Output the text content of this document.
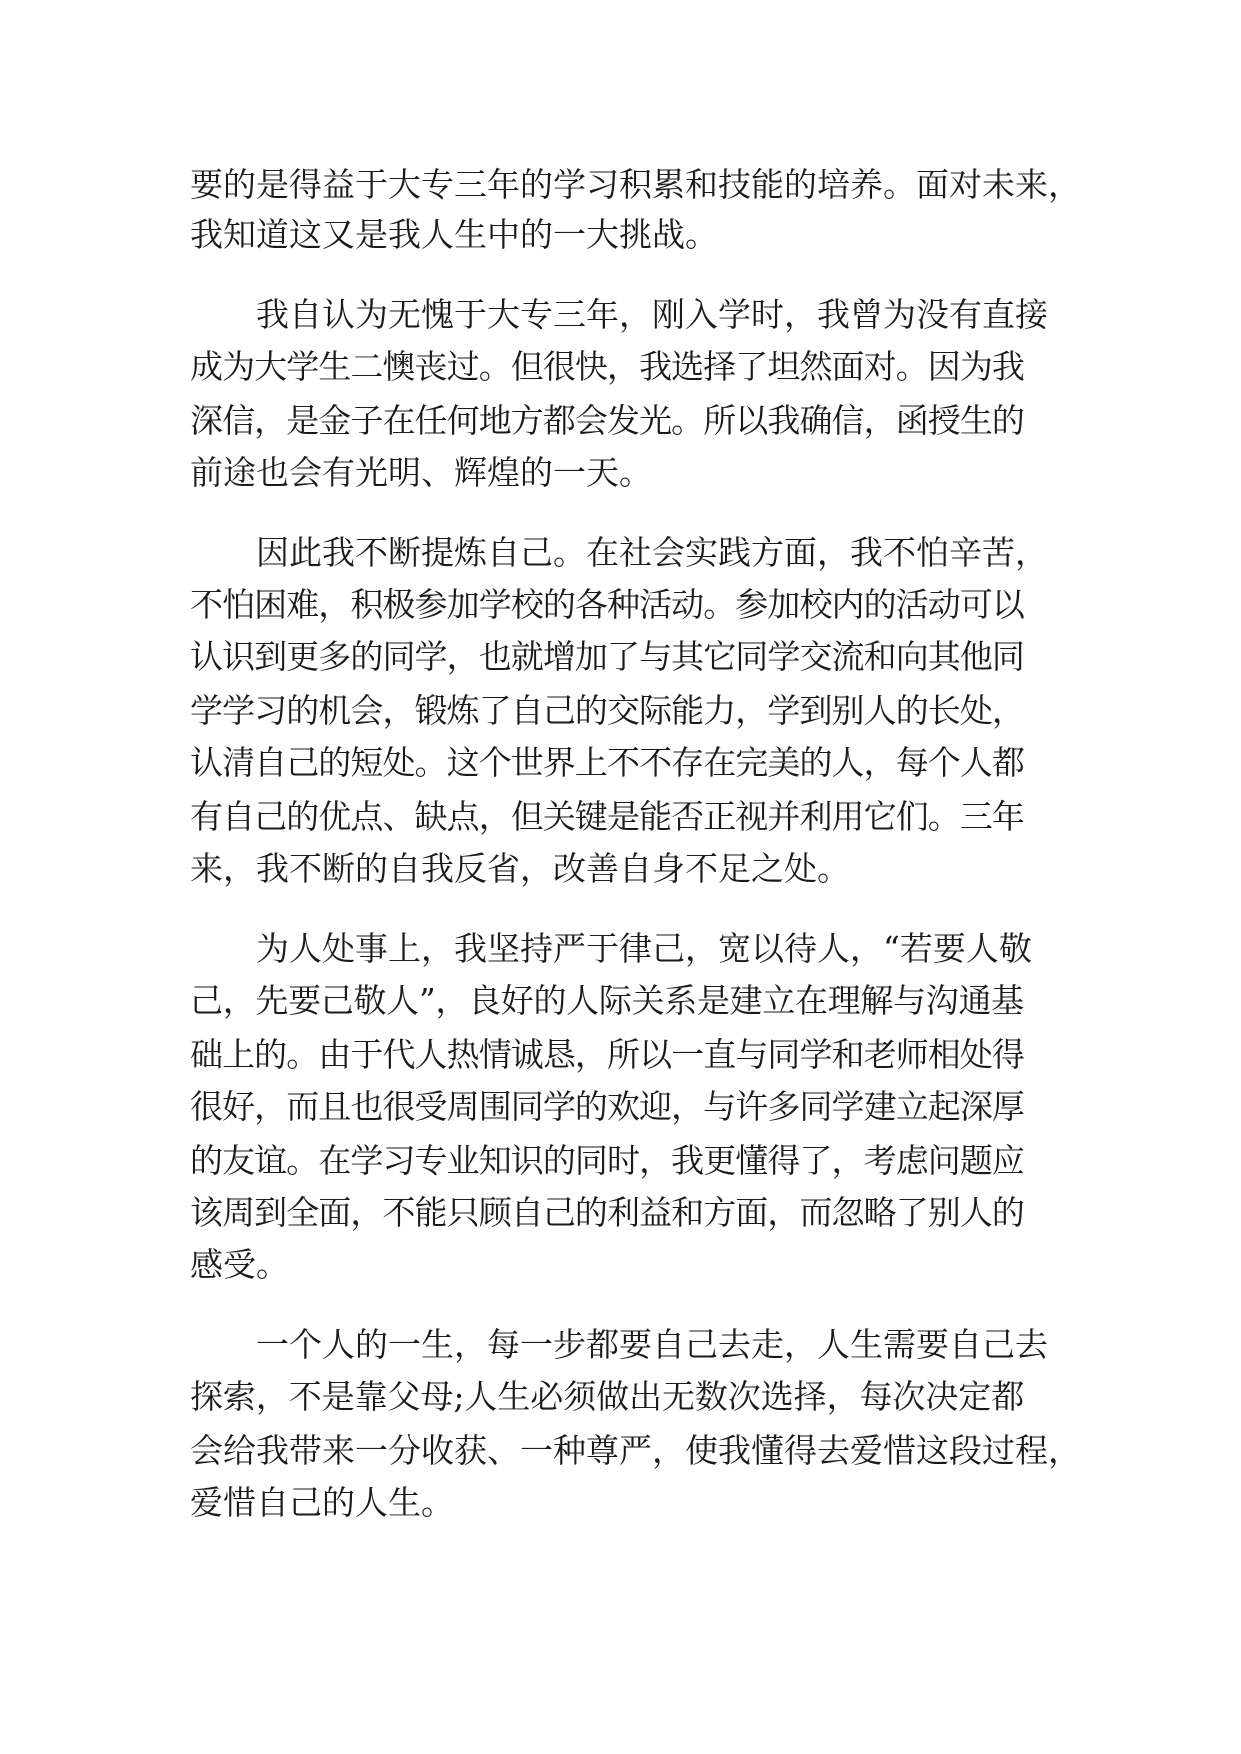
要的是得益于大专三年的学习积累和技能的培养。面对未来，
我知道这又是我人生中的一大挑战。
我自认为无愧于大专三年，刚入学时，我曾为没有直接
成为大学生二懊丧过。但很快，我选择了坦然面对。因为我
深信，是金子在任何地方都会发光。所以我确信，函授生的
前途也会有光明、辉煌的一天。
因此我不断提炼自己。在社会实践方面，我不怕辛苦，
不怕困难，积极参加学校的各种活动。参加校内的活动可以
认识到更多的同学，也就增加了与其它同学交流和向其他同
学学习的机会，锻炼了自己的交际能力，学到别人的长处，
认清自己的短处。这个世界上不不存在完美的人，每个人都
有自己的优点、缺点，但关键是能否正视并利用它们。三年
来，我不断的自我反省，改善自身不足之处。
为人处事上，我坚持严于律己，宽以待人，“若要人敬
己，先要己敬人”，良好的人际关系是建立在理解与沟通基
础上的。由于代人热情诚恳，所以一直与同学和老师相处得
很好，而且也很受周围同学的欢迎，与许多同学建立起深厚
的友谊。在学习专业知识的同时，我更懂得了，考虑问题应
该周到全面，不能只顾自己的利益和方面，而忽略了别人的
感受。
一个人的一生，每一步都要自己去走，人生需要自己去
探索，不是靠父母;人生必须做出无数次选择，每次决定都
会给我带来一分收获、一种尊严，使我懂得去爱惜这段过程，
爱惜自己的人生。
